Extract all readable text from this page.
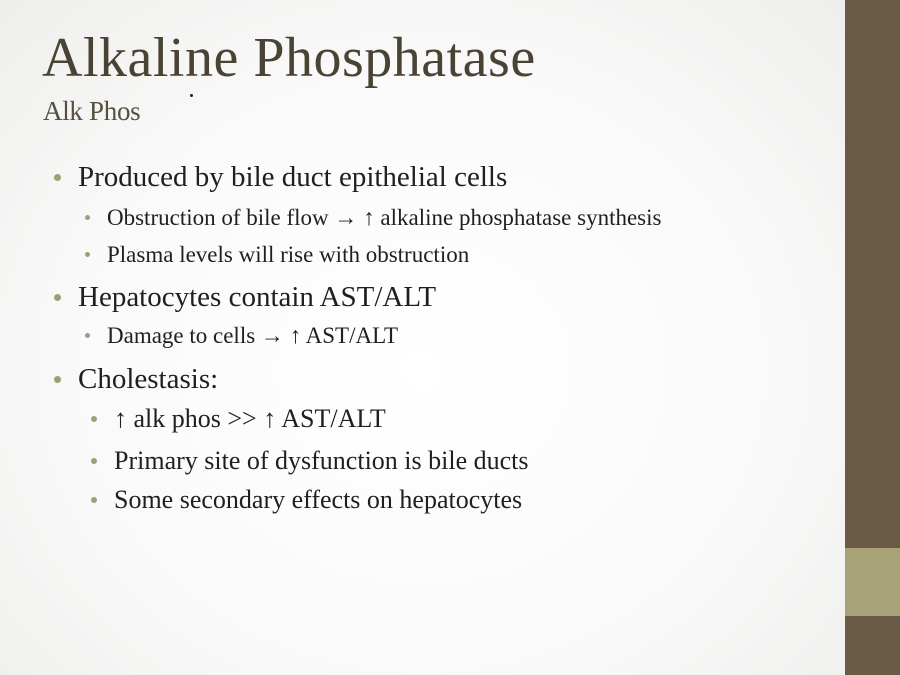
Alkaline Phosphatase
Alk Phos
Produced by bile duct epithelial cells
Obstruction of bile flow → ↑ alkaline phosphatase synthesis
Plasma levels will rise with obstruction
Hepatocytes contain AST/ALT
Damage to cells → ↑ AST/ALT
Cholestasis:
↑ alk phos >> ↑ AST/ALT
Primary site of dysfunction is bile ducts
Some secondary effects on hepatocytes
